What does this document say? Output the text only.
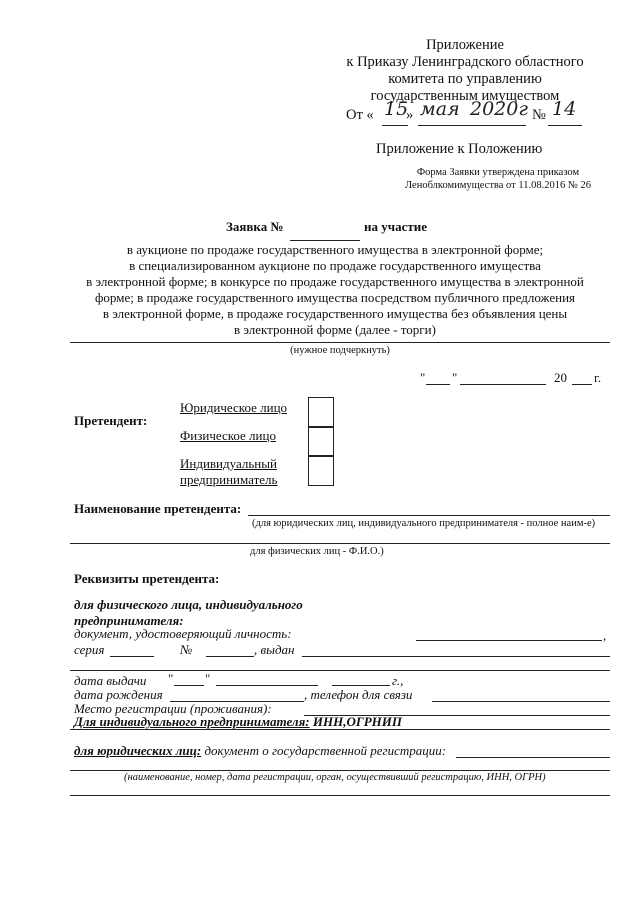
Приложение
к Приказу Ленинградского областного
комитета по управлению
государственным имуществом
От « 15
» мая 2020г № 14
Приложение к Положению
Форма Заявки утверждена приказом
Леноблкомимущества от 11.08.2016 № 26
Заявка №	на участие
в аукционе по продаже государственного имущества в электронной форме;
в специализированном аукционе по продаже государственного имущества
в электронной форме; в конкурсе по продаже государственного имущества в электронной
форме; в продаже государственного имущества посредством публичного предложения
в электронной форме, в продаже государственного имущества без объявления цены
в электронной форме (далее - торги)
(нужное подчеркнуть)
" "	20 г.
Претендент:
Юридическое лицо
Физическое лицо
Индивидуальный
предприниматель
Наименование претендента:
(для юридических лиц, индивидуального предпринимателя - полное наим-е)
для физических лиц - Ф.И.О.)
Реквизиты претендента:
для физического лица, индивидуального
предпринимателя:
документ, удостоверяющий личность:	,
серия	№	, выдан
дата выдачи " "	г.,
дата рождения	, телефон для связи
Место регистрации (проживания):
Для индивидуального предпринимателя: ИНН,ОГРНИП
для юридических лиц: документ о государственной регистрации:
(наименование, номер, дата регистрации, орган, осуществивший регистрацию, ИНН, ОГРН)
